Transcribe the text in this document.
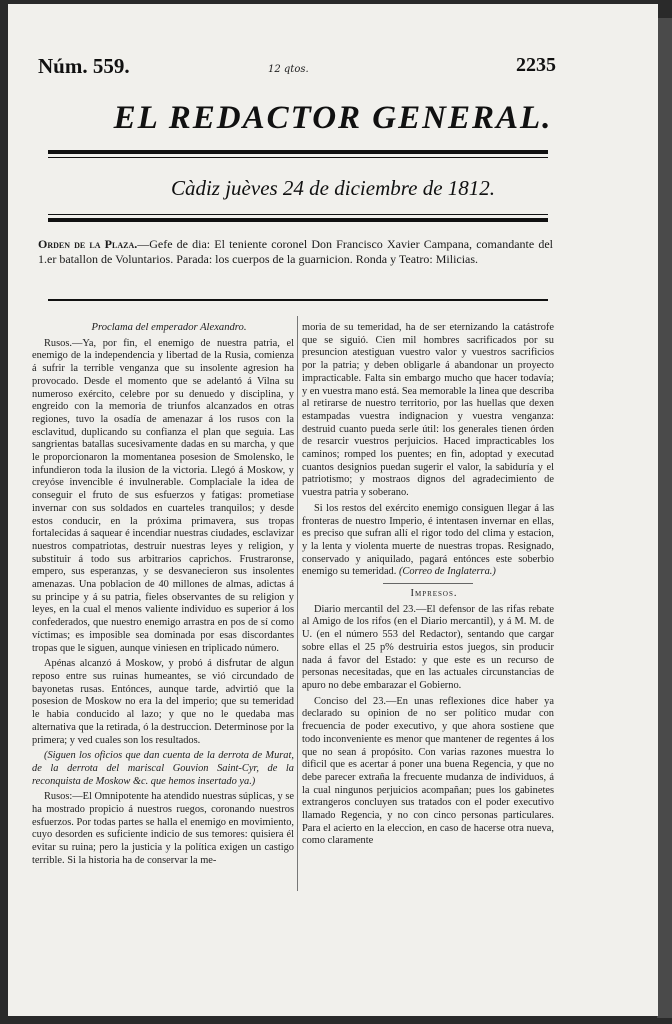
Núm. 559.	12 qtos.	2235
EL REDACTOR GENERAL.
Càdiz juèves 24 de diciembre de 1812.
Orden de la Plaza.—Gefe de dia: El teniente coronel Don Francisco Xavier Campana, comandante del 1.er batallon de Voluntarios. Parada: los cuerpos de la guarnicion. Ronda y Teatro: Milicias.

Proclama del emperador Alexandro.

Rusos.—Ya, por fin, el enemigo de nuestra patria, el enemigo de la independencia y libertad de la Rusia, comienza á sufrir la terrible venganza que su insolente agresion ha provocado. Desde el momento que se adelantó á Vilna su numeroso exército, celebre por su denuedo y disciplina, y engreido con la memoria de triunfos alcanzados en otras regiones, tuvo la osadía de amenazar á los rusos con la esclavitud, duplicando su confianza el plan que seguia. Las sangrientas batallas sucesivamente dadas en su marcha, y que le proporcionaron la momentanea posesion de Smolensko, le infundieron toda la ilusion de la victoria. Llegó á Moskow, y creyóse invencible é invulnerable. Complaciale la idea de conseguir el fruto de sus esfuerzos y fatigas: prometiase invernar con sus soldados en cuarteles tranquilos; y desde estos conducir, en la próxima primavera, sus tropas fortalecidas á saquear é incendiar nuestras ciudades, esclavizar nuestros compatriotas, destruir nuestras leyes y religion, y substituir á todo sus arbitrarios caprichos. Frustraronse, empero, sus esperanzas, y se desvanecieron sus insolentes amenazas. Una poblacion de 40 millones de almas, adictas á su principe y á su patria, fieles observantes de su religion y leyes, en la cual el menos valiente individuo es superior á los confederados, que nuestro enemigo arrastra en pos de sí como víctimas; es imposible sea dominada por esas discordantes tropas que le siguen, aunque viniesen en triplicado número.

Apénas alcanzó á Moskow, y probó á disfrutar de algun reposo entre sus ruinas humeantes, se vió circundado de bayonetas rusas. Entónces, aunque tarde, advirtió que la posesion de Moskow no era la del imperio; que su temeridad le habia conducido al lazo; y que no le quedaba mas alternativa que la retirada, ó la destruccion. Determinose por la primera; y ved cuales son los resultados.

(Siguen los oficios que dan cuenta de la derrota de Murat, de la derrota del mariscal Gouvion Saint-Cyr, de la reconquista de Moskow &c. que hemos insertado ya.)

Rusos:—El Omnipotente ha atendido nuestras súplicas, y se ha mostrado propicio á nuestros ruegos, coronando nuestros esfuerzos. Por todas partes se halla el enemigo en movimiento, cuyo desorden es suficiente indicio de sus temores: quisiera él evitar su ruina; pero la justicia y la política exigen un castigo terrible. Si la historia ha de conservar la me-

moria de su temeridad, ha de ser eternizando la catástrofe que se siguió. Cien mil hombres sacrificados por su presuncion atestiguan vuestro valor y vuestros sacrificios por la patria; y deben obligarle á abandonar un proyecto impracticable. Falta sin embargo mucho que hacer todavía; y en vuestra mano está. Sea memorable la linea que describa al retirarse de nuestro territorio, por las huellas que dexen estampadas vuestra indignacion y vuestra venganza: destruid cuanto pueda serle útil: los generales tienen órden de resarcir vuestros perjuicios. Haced impracticables los caminos; romped los puentes; en fin, adoptad y executad cuantos designios puedan sugerir el valor, la sabiduría y el patriotismo; y mostraos dignos del agradecimiento de vuestra patria y soberano.

Si los restos del exército enemigo consiguen llegar á las fronteras de nuestro Imperio, é intentasen invernar en ellas, es preciso que sufran allí el rigor todo del clima y estacion, y la lenta y violenta muerte de nuestras tropas. Resignado, conservado y aniquilado, pagará entónces este soberbio enemigo su temeridad. (Correo de Inglaterra.)

Impresos.

Diario mercantil del 23.—El defensor de las rifas rebate al Amigo de los rifos (en el Diario mercantil), y á M. M. de U. (en el número 553 del Redactor), sentando que cargar sobre ellas el 25 p% destruiria estos juegos, sin producir nada á favor del Estado: y que este es un recurso de personas necesitadas, que en las actuales circunstancias de apuro no debe embarazar el Gobierno.

Conciso del 23.—En unas reflexiones dice haber ya declarado su opinion de no ser político mudar con frecuencia de poder executivo, y que ahora sostiene que todo inconveniente es menor que mantener de regentes á los que no sean á propósito. Con varias razones muestra lo dificil que es acertar á poner una buena Regencia, y que no debe parecer extraña la frecuente mudanza de individuos, á la cual ningunos perjuicios acompañan; pues los gabinetes extrangeros concluyen sus tratados con el poder executivo llamado Regencia, y no con cinco personas particulares. Para el acierto en la eleccion, en caso de hacerse otra nueva, como claramente
